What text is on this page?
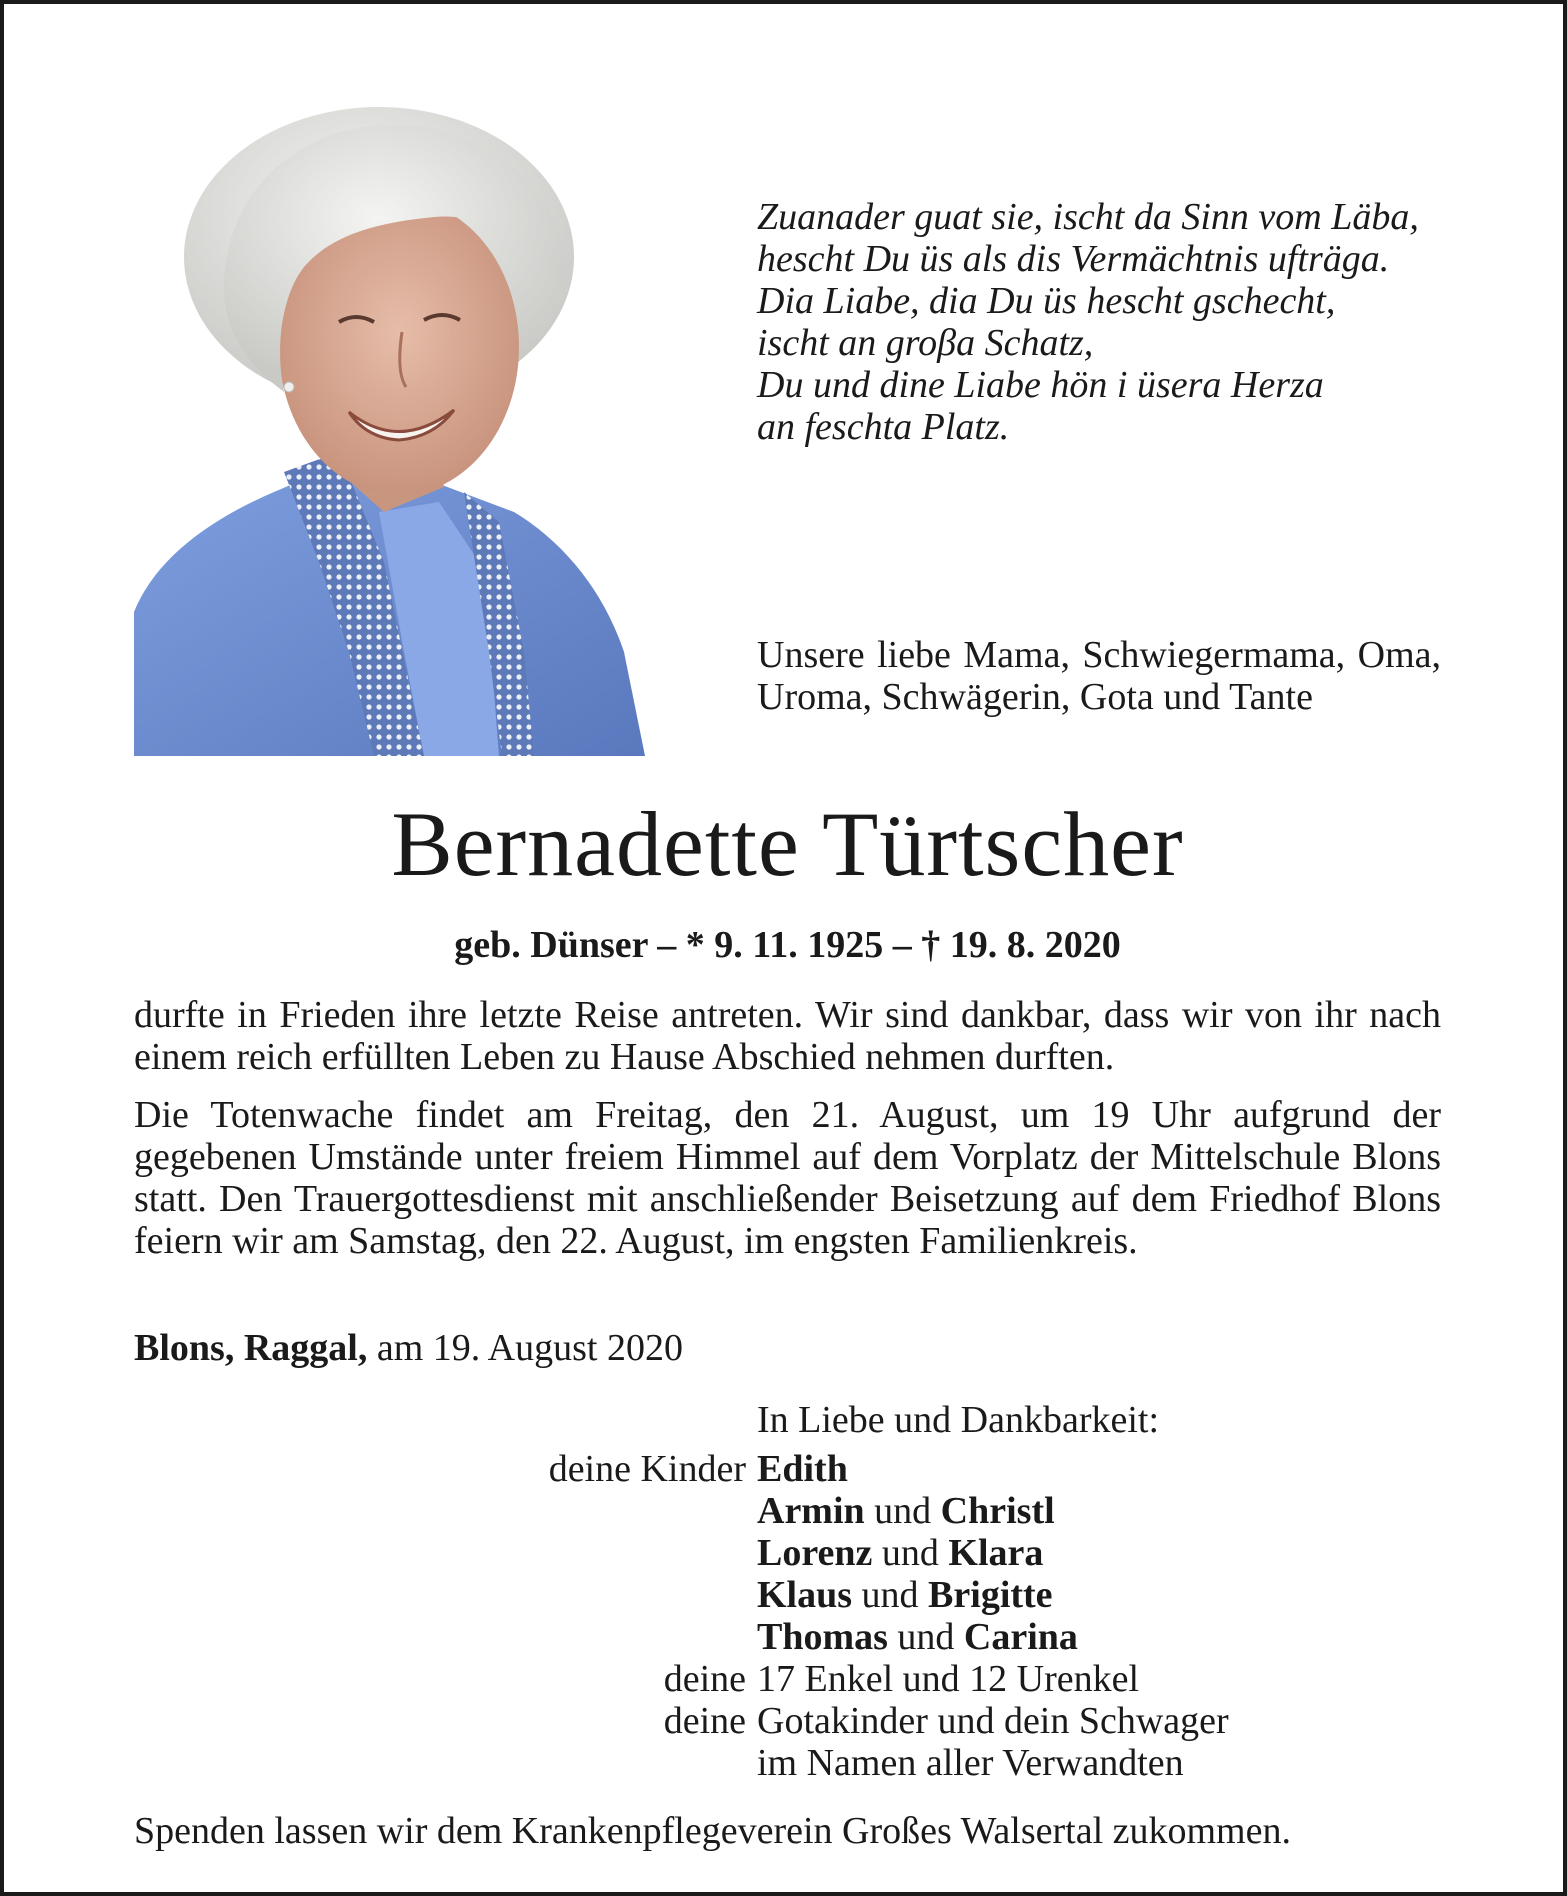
Zuanader guat sie, ischt da Sinn vom Läba,
hescht Du üs als dis Vermächtnis ufträga.
Dia Liabe, dia Du üs hescht gschecht,
ischt an groβa Schatz,
Du und dine Liabe hön i üsera Herza
an feschta Platz.
Unsere liebe Mama, Schwiegermama, Oma, Uroma, Schwägerin, Gota und Tante
Bernadette Türtscher
geb. Dünser – * 9. 11. 1925 – † 19. 8. 2020
durfte in Frieden ihre letzte Reise antreten. Wir sind dankbar, dass wir von ihr nach einem reich erfüllten Leben zu Hause Abschied nehmen durften.
Die Totenwache findet am Freitag, den 21. August, um 19 Uhr aufgrund der gegebenen Umstände unter freiem Himmel auf dem Vorplatz der Mittelschule Blons statt. Den Trauergottesdienst mit anschließender Beisetzung auf dem Friedhof Blons feiern wir am Samstag, den 22. August, im engsten Familienkreis.
Blons, Raggal, am 19. August 2020
In Liebe und Dankbarkeit:
deine Kinder Edith
Armin und Christl
Lorenz und Klara
Klaus und Brigitte
Thomas und Carina
deine 17 Enkel und 12 Urenkel
deine Gotakinder und dein Schwager
im Namen aller Verwandten
Spenden lassen wir dem Krankenpflegeverein Großes Walsertal zukommen.
